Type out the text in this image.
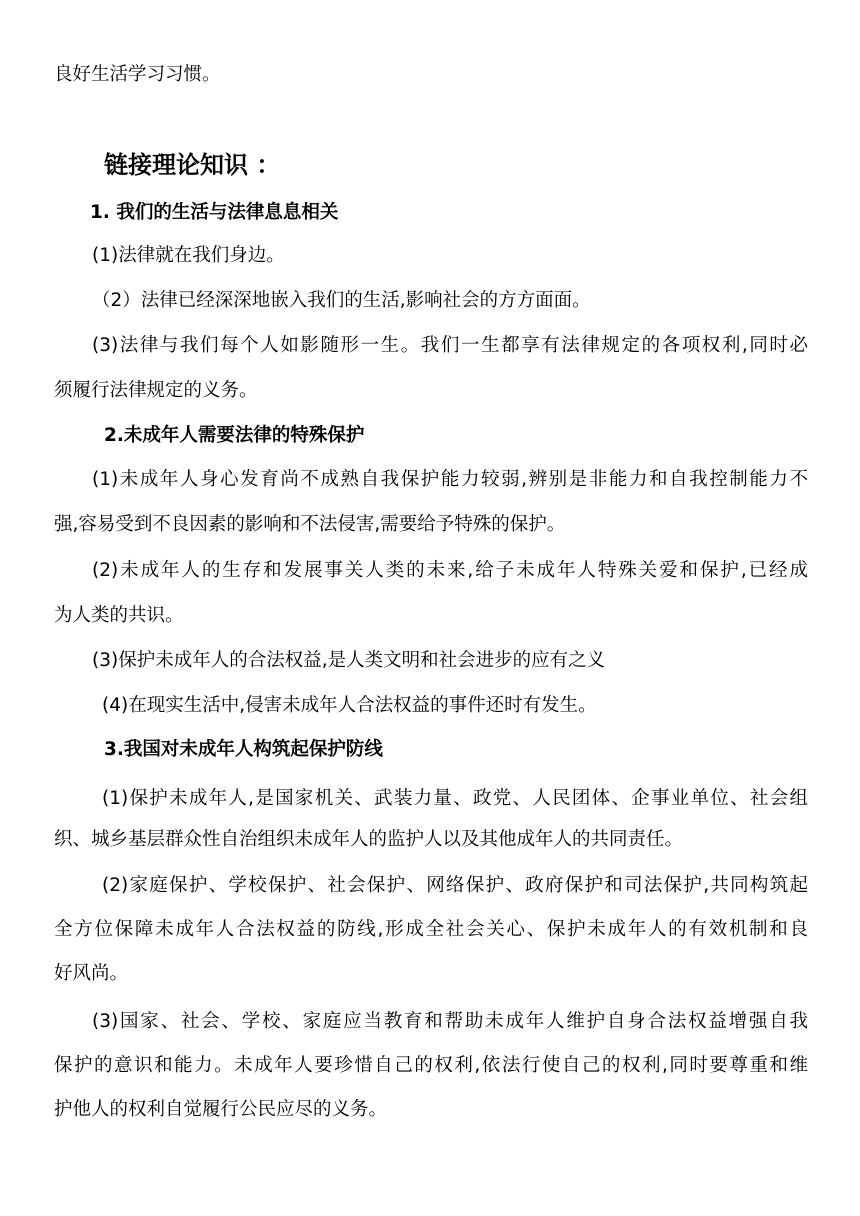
良好生活学习习惯。
链接理论知识 ：
1. 我们的生活与法律息息相关
(1)法律就在我们身边。
（2）法律已经深深地嵌入我们的生活,影响社会的方方面面。
(3)法律与我们每个人如影随形一生。我们一生都享有法律规定的各项权利,同时必
须履行法律规定的义务。
2.未成年人需要法律的特殊保护
(1)未成年人身心发育尚不成熟自我保护能力较弱,辨别是非能力和自我控制能力不
强,容易受到不良因素的影响和不法侵害,需要给予特殊的保护。
(2)未成年人的生存和发展事关人类的未来,给子未成年人特殊关爱和保护,已经成
为人类的共识。
(3)保护未成年人的合法权益,是人类文明和社会进步的应有之义
(4)在现实生活中,侵害未成年人合法权益的事件还时有发生。
3.我国对未成年人构筑起保护防线
(1)保护未成年人,是国家机关、武装力量、政党、人民团体、企事业单位、社会组
织、城乡基层群众性自治组织未成年人的监护人以及其他成年人的共同责任。
(2)家庭保护、学校保护、社会保护、网络保护、政府保护和司法保护,共同构筑起
全方位保障未成年人合法权益的防线,形成全社会关心、保护未成年人的有效机制和良
好风尚。
(3)国家、社会、学校、家庭应当教育和帮助未成年人维护自身合法权益增强自我
保护的意识和能力。未成年人要珍惜自己的权利,依法行使自己的权利,同时要尊重和维
护他人的权利自觉履行公民应尽的义务。
